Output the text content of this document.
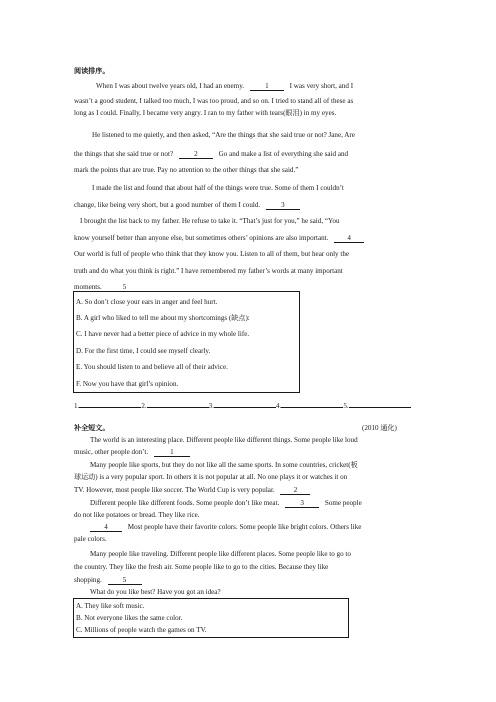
阅读排序。
When I was about twelve years old, I had an enemy.	1	I was very short, and I
wasn’t a good student, I talked too much, I was too proud, and so on. I tried to stand all of these as
long as I could. Finally, I became very angry. I ran to my father with tears(眼泪) in my eyes.
He listened to me quietly, and then asked, “Are the things that she said true or not? Jane, Are
the things that she said true or not?	2	Go and make a list of everything she said and
mark the points that are true. Pay no attention to the other things that she said.”
I made the list and found that about half of the things were true. Some of them I couldn’t
change, like being very short, but a good number of them I could.	3
I brought the list back to my father. He refuse to take it. “That’s just for you,” he said, “You
know yourself better than anyone else, but sometimes others’ opinions are also important.	4
Our world is full of people who think that they know you. Listen to all of them, but hear only the
truth and do what you think is right.” I have remembered my father’s words at many important
moments.	5
A. So don’t close your ears in anger and feel hurt.
B. A girl who liked to tell me about my shortcomings (缺点):
C. I have never had a better piece of advice in my whole life.
D. For the first time, I could see myself clearly.
E. You should listen to and believe all of their advice.
F. Now you have that girl’s opinion.
1.	2.	3.	4.	5.
补全短文。	(2010 通化)
The world is an interesting place. Different people like different things. Some people like loud
music, other people don’t.	1
Many people like sports, but they do not like all the same sports. In some countries, cricket(板
球运动) is a very popular sport. In others it is not popular at all. No one plays it or watches it on
TV. However, most people like soccer. The World Cup is very popular.	2
Different people like different foods. Some people don’t like meat.	3	Some people
do not like potatoes or bread. They like rice.
4	Most people have their favorite colors. Some people like bright colors. Others like
pale colors.
Many people like traveling. Different people like different places. Some people like to go to
the country. They like the fresh air. Some people like to go to the cities. Because they like
shopping.	5
What do you like best? Have you got an idea?
A. They like soft music.
B. Not everyone likes the same color.
C. Millions of people watch the games on TV.
